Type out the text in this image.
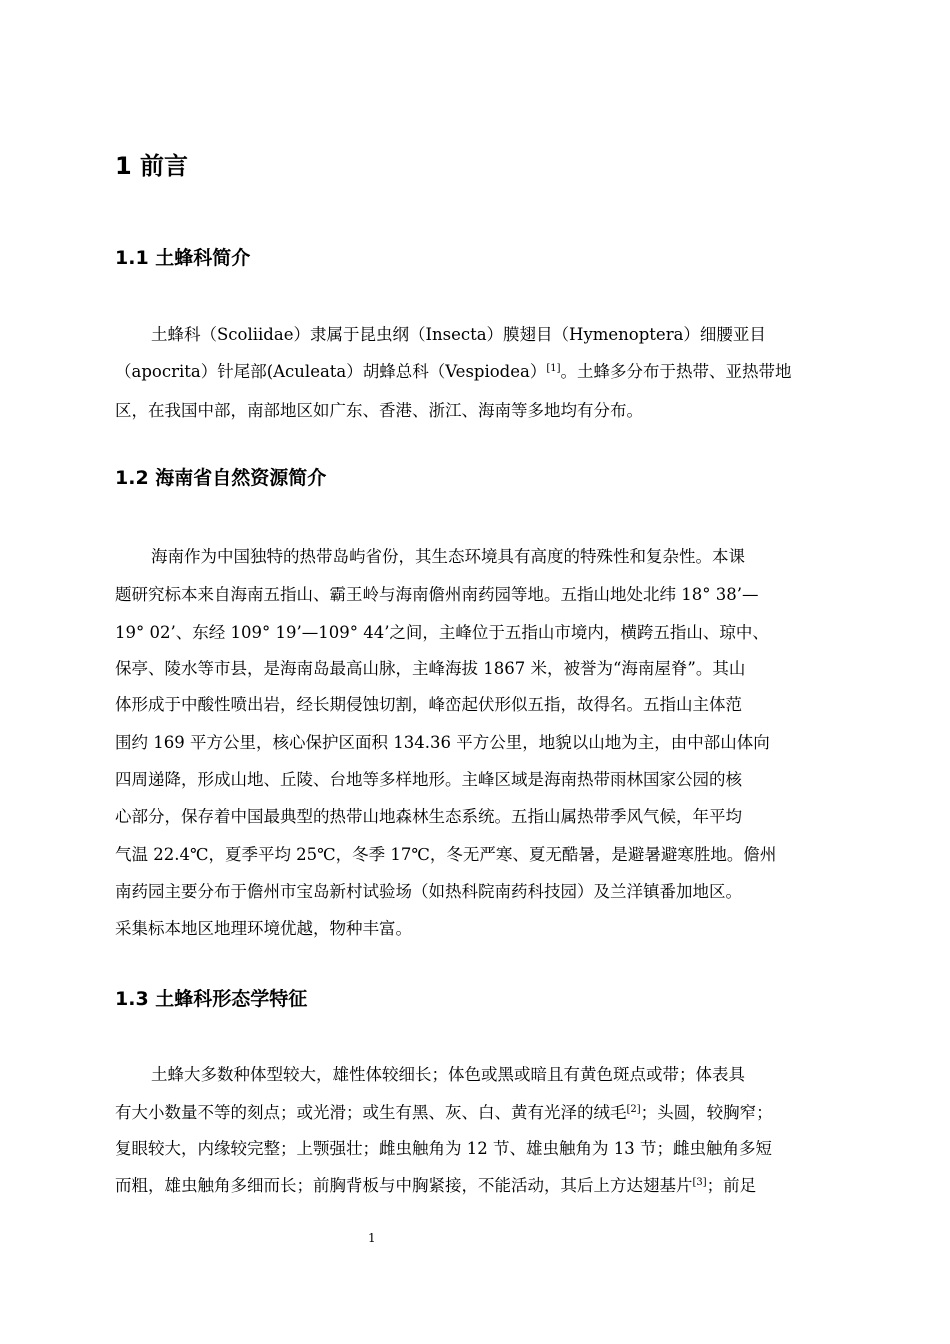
1 前言
1.1 土蜂科简介

土蜂科（Scoliidae）隶属于昆虫纲（Insecta）膜翅目（Hymenoptera）细腰亚目

（apocrita）针尾部(Aculeata）胡蜂总科（Vespiodea）[1]。土蜂多分布于热带、亚热带地

区，在我国中部，南部地区如广东、香港、浙江、海南等多地均有分布。

1.2 海南省自然资源简介

海南作为中国独特的热带岛屿省份，其生态环境具有高度的特殊性和复杂性。本课

题研究标本来自海南五指山、霸王岭与海南儋州南药园等地。五指山地处北纬 18° 38’—

19° 02’、东经 109° 19’—109° 44’之间，主峰位于五指山市境内，横跨五指山、琼中、

保亭、陵水等市县，是海南岛最高山脉，主峰海拔 1867 米，被誉为“海南屋脊”。其山

体形成于中酸性喷出岩，经长期侵蚀切割，峰峦起伏形似五指，故得名。五指山主体范

围约 169 平方公里，核心保护区面积 134.36 平方公里，地貌以山地为主，由中部山体向

四周递降，形成山地、丘陵、台地等多样地形。主峰区域是海南热带雨林国家公园的核

心部分，保存着中国最典型的热带山地森林生态系统。五指山属热带季风气候，年平均

气温 22.4℃，夏季平均 25℃，冬季 17℃，冬无严寒、夏无酷暑，是避暑避寒胜地。儋州

南药园主要分布于儋州市宝岛新村试验场（如热科院南药科技园）及兰洋镇番加地区。

采集标本地区地理环境优越，物种丰富。

1.3 土蜂科形态学特征

土蜂大多数种体型较大，雄性体较细长；体色或黑或暗且有黄色斑点或带；体表具

有大小数量不等的刻点；或光滑；或生有黑、灰、白、黄有光泽的绒毛[2]；头圆，较胸窄；

复眼较大，内缘较完整；上颚强壮；雌虫触角为 12 节、雄虫触角为 13 节；雌虫触角多短

而粗，雄虫触角多细而长；前胸背板与中胸紧接，不能活动，其后上方达翅基片[3]；前足

1
